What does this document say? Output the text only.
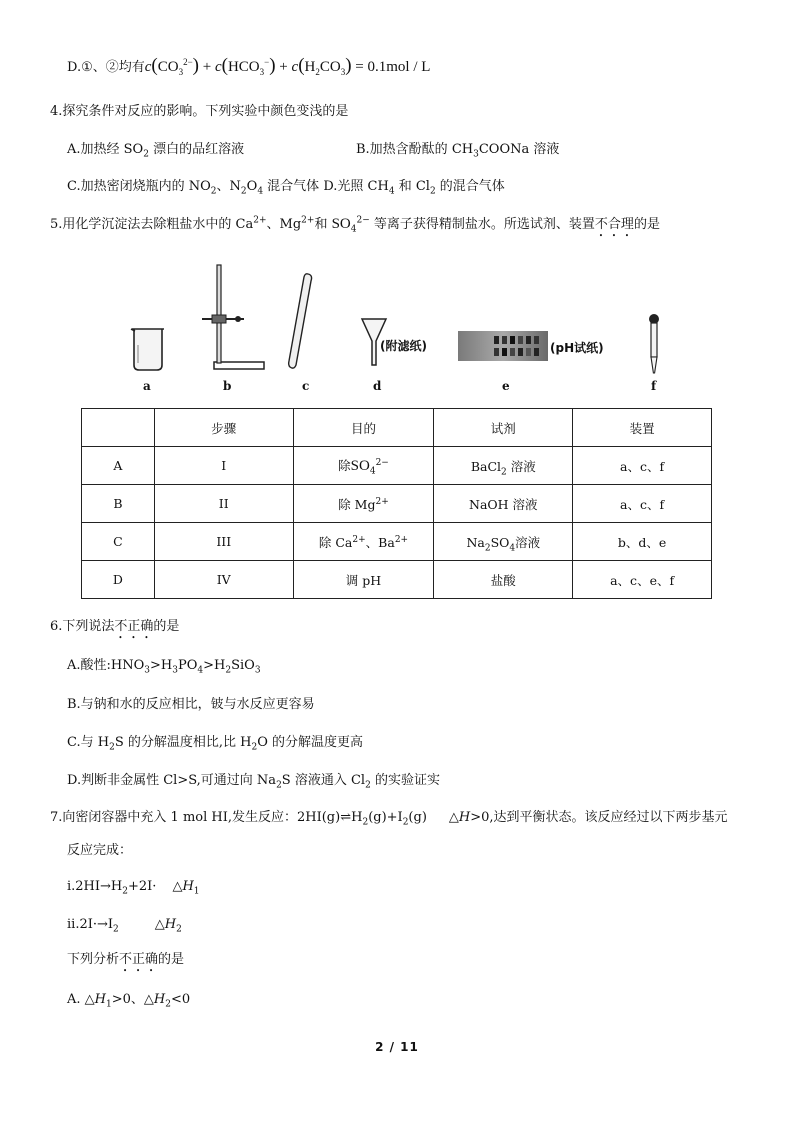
D.①、②均有$c(CO_3^{2-}) + c(HCO_3^-) + c(H_2CO_3) = 0.1mol / L$
4.探究条件对反应的影响。下列实验中颜色变浅的是
A.加热经 $SO_2$ 漂白的品红溶液	B.加热含酚酞的 $CH_3COONa$ 溶液
C.加热密闭烧瓶内的 $NO_2$、$N_2O_4$ 混合气体 D.光照 $CH_4$ 和 $Cl_2$ 的混合气体
5.用化学沉淀法去除粗盐水中的 $Ca^{2+}$、$Mg^{2+}$和 $SO_4^{2-}$ 等离子获得精制盐水。所选试剂、装置不合理的是
(附滤纸)	(pH试纸)
a	b	c	d	e	f
	步骤	目的	试剂	装置
A	I	除$SO_4^{2-}$	BaCl$_2$ 溶液	a、c、f
B	II	除 $Mg^{2+}$	NaOH 溶液	a、c、f
C	III	除 $Ca^{2+}$、$Ba^{2+}$	$Na_2SO_4$溶液	b、d、e
D	IV	调 pH	盐酸	a、c、e、f
6.下列说法不正确的是
A.酸性$:HNO_3>H_3PO_4>H_2SiO_3$
B.与钠和水的反应相比，铍与水反应更容易
C.与 $H_2S$ 的分解温度相比,比 $H_2O$ 的分解温度更高
D.判断非金属性 Cl>S,可通过向 $Na_2S$ 溶液通入 $Cl_2$ 的实验证实
7.向密闭容器中充入 1 mol HI,发生反应：$2HI(g)\rightleftharpoons H_2(g)+I_2(g)$ △H>0,达到平衡状态。该反应经过以下两步基元
反应完成：
$i.2HI\to H_2+2I\cdot$ $\triangle H_1$
$ii.2I\cdot\to I_2$	$\triangle H_2$
下列分析不正确的是
A. $\triangle H_1>0$、$\triangle H_2<0$
2 / 11
